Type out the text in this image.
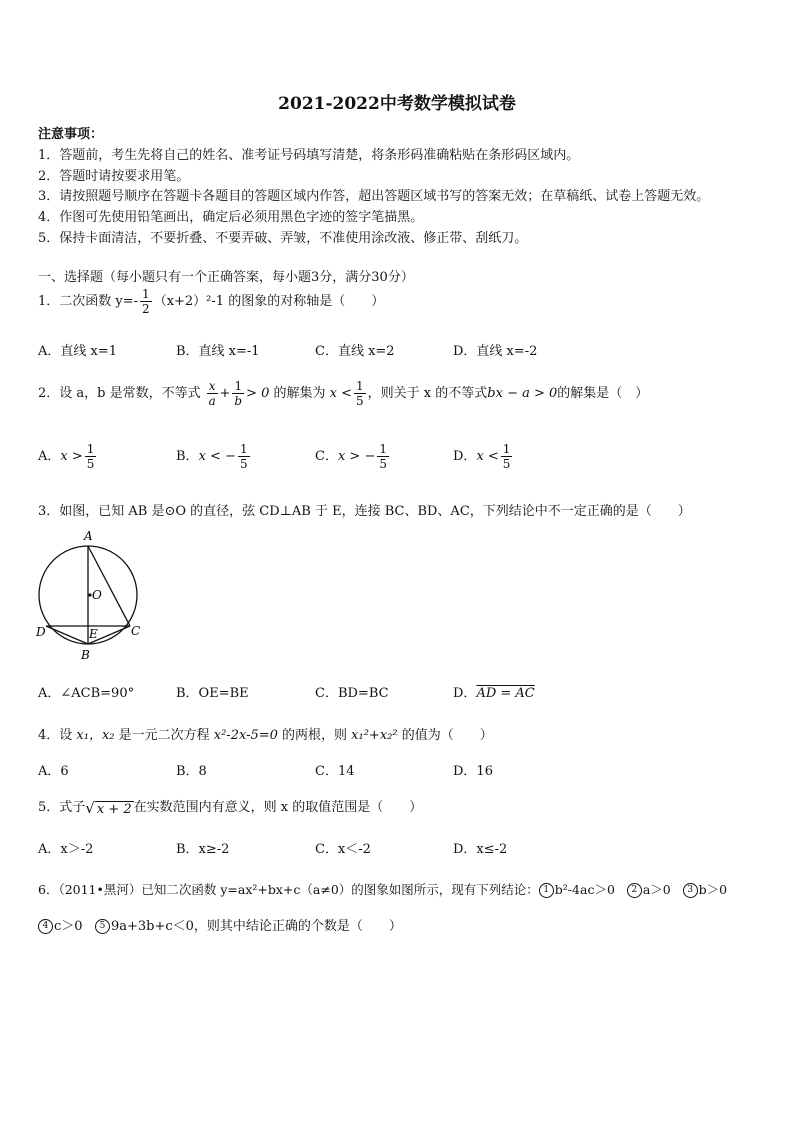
2021-2022中考数学模拟试卷
注意事项：
1．答题前，考生先将自己的姓名、准考证号码填写清楚，将条形码准确粘贴在条形码区域内。
2．答题时请按要求用笔。
3．请按照题号顺序在答题卡各题目的答题区域内作答，超出答题区域书写的答案无效；在草稿纸、试卷上答题无效。
4．作图可先使用铅笔画出，确定后必须用黑色字迹的签字笔描黑。
5．保持卡面清洁，不要折叠、不要弄破、弄皱，不准使用涂改液、修正带、刮纸刀。
一、选择题（每小题只有一个正确答案，每小题3分，满分30分）
1．二次函数 $y=- \frac{1}{2} (x+2)^2-1$ 的图象的对称轴是（　　）
A．直线 x=1	B．直线 x=-1	C．直线 x=2	D．直线 x=-2
2．设 a，b 是常数，不等式 $\frac{x}{a} + \frac{1}{b} > 0$ 的解集为 $x < \frac{1}{5}$ ，则关于 x 的不等式bx − a > 0的解集是（　）
A．$x > \frac{1}{5}$	B．x < − $\frac{1}{5}$	C．x > − $\frac{1}{5}$	D．$x < \frac{1}{5}$
3．如图，已知 AB 是⊙O 的直径，弦 CD⊥AB 于 E，连接 BC、BD、AC，下列结论中不一定正确的是（　　）
A
O
D	E	C
B
A．∠ACB=90°	B．OE=BE	C．BD=BC	D．AD = AC
4．设 x₁，x₂ 是一元二次方程 x²-2x-5=0 的两根，则 x₁²+x₂² 的值为（　　）
A．6	B．8	C．14	D．16
5．式子√ x + 2 在实数范围内有意义，则 x 的取值范围是（　　）
A．x＞-2	B．x≥-2	C．x＜-2	D．x≤-2
6．（2011•黑河）已知二次函数 y=ax²+bx+c（a≠0）的图象如图所示，现有下列结论： 1 b²-4ac＞0 2 a＞0 3 b＞0
4 c＞0 5 9a+3b+c＜0，则其中结论正确的个数是（　　）
